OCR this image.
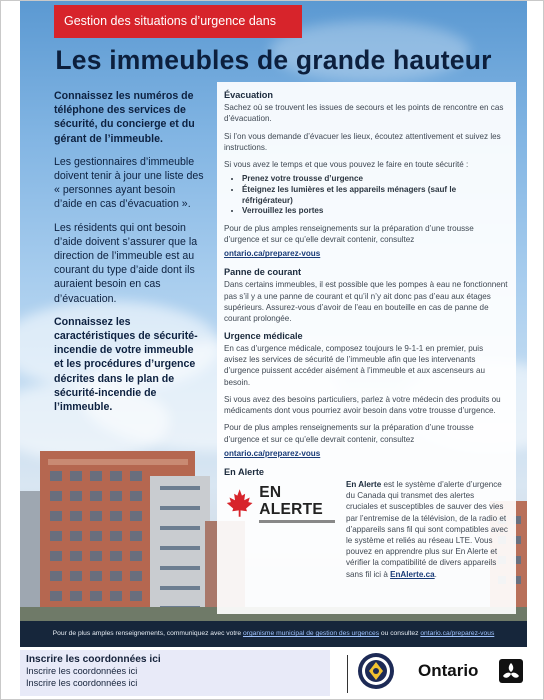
Gestion des situations d’urgence dans
Les immeubles de grande hauteur

Connaissez les numéros de téléphone des services de sécurité, du concierge et du gérant de l’immeuble.

Les gestionnaires d’immeuble doivent tenir à jour une liste des « personnes ayant besoin d’aide en cas d’évacuation ».

Les résidents qui ont besoin d’aide doivent s’assurer que la direction de l’immeuble est au courant du type d’aide dont ils auraient besoin en cas d’évacuation.

Connaissez les caractéristiques de sécurité-incendie de votre immeuble et les procédures d’urgence décrites dans le plan de sécurité-incendie de l’immeuble.

Évacuation

Sachez où se trouvent les issues de secours et les points de rencontre en cas d’évacuation.

Si l’on vous demande d’évacuer les lieux, écoutez attentivement et suivez les instructions.

Si vous avez le temps et que vous pouvez le faire en toute sécurité :

• Prenez votre trousse d’urgence
• Éteignez les lumières et les appareils ménagers (sauf le réfrigérateur)
• Verrouillez les portes

Pour de plus amples renseignements sur la préparation d’une trousse d’urgence et sur ce qu’elle devrait contenir, consultez

ontario.ca/preparez-vous
Panne de courant

Dans certains immeubles, il est possible que les pompes à eau ne fonctionnent pas s’il y a une panne de courant et qu’il n’y ait donc pas d’eau aux étages supérieurs. Assurez-vous d’avoir de l’eau en bouteille en cas de panne de courant prolongée.

Urgence médicale

En cas d’urgence médicale, composez toujours le 9-1-1 en premier, puis avisez les services de sécurité de l’immeuble afin que les intervenants d’urgence puissent accéder aisément à l’immeuble et aux ascenseurs au besoin.

Si vous avez des besoins particuliers, parlez à votre médecin des produits ou médicaments dont vous pourriez avoir besoin dans votre trousse d’urgence.

Pour de plus amples renseignements sur la préparation d’une trousse d’urgence et sur ce qu’elle devrait contenir, consultez

ontario.ca/preparez-vous
En Alerte
EN ALERTE
En Alerte est le système d’alerte d’urgence du Canada qui transmet des alertes cruciales et susceptibles de sauver des vies par l’entremise de la télévision, de la radio et d’appareils sans fil qui sont compatibles avec le système et reliés au réseau LTE. Vous pouvez en apprendre plus sur En Alerte et vérifier la compatibilité de divers appareils sans fil ici à EnAlerte.ca.
Pour de plus amples renseignements, communiquez avec votre organisme municipal de gestion des urgences ou consultez ontario.ca/preparez-vous
Inscrire les coordonnées ici
Inscrire les coordonnées ici
Inscrire les coordonnées ici
Ontario
